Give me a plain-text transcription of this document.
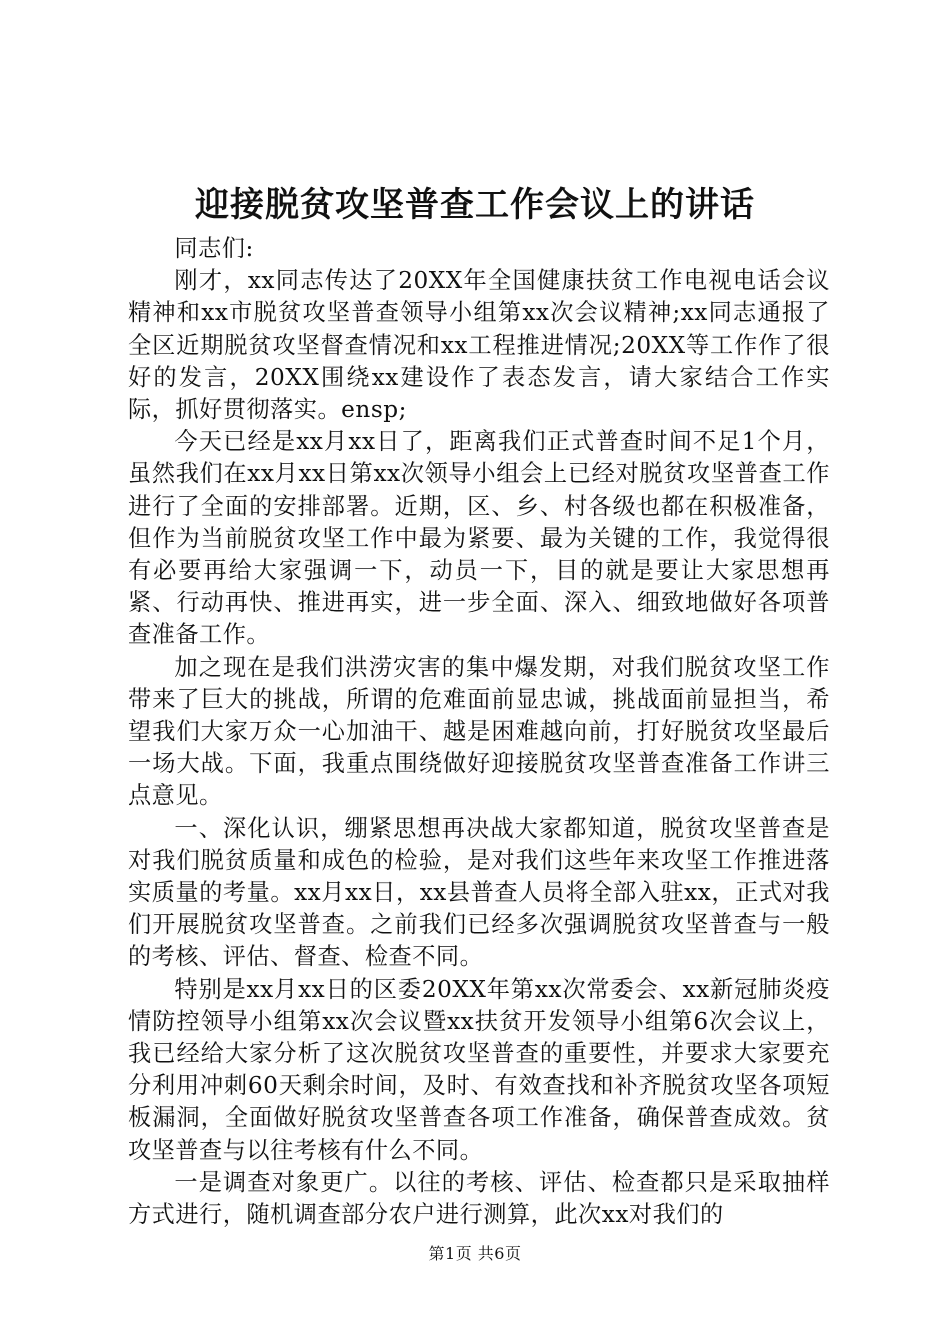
迎接脱贫攻坚普查工作会议上的讲话

同志们:

刚才，xx同志传达了20XX年全国健康扶贫工作电视电话会议精神和xx市脱贫攻坚普查领导小组第xx次会议精神;xx同志通报了全区近期脱贫攻坚督查情况和xx工程推进情况;20XX等工作作了很好的发言，20XX围绕xx建设作了表态发言，请大家结合工作实际，抓好贯彻落实。ensp;

今天已经是xx月xx日了，距离我们正式普查时间不足1个月，虽然我们在xx月xx日第xx次领导小组会上已经对脱贫攻坚普查工作进行了全面的安排部署。近期，区、乡、村各级也都在积极准备，但作为当前脱贫攻坚工作中最为紧要、最为关键的工作，我觉得很有必要再给大家强调一下，动员一下，目的就是要让大家思想再紧、行动再快、推进再实，进一步全面、深入、细致地做好各项普查准备工作。

加之现在是我们洪涝灾害的集中爆发期，对我们脱贫攻坚工作带来了巨大的挑战，所谓的危难面前显忠诚，挑战面前显担当，希望我们大家万众一心加油干、越是困难越向前，打好脱贫攻坚最后一场大战。下面，我重点围绕做好迎接脱贫攻坚普查准备工作讲三点意见。

一、深化认识，绷紧思想再决战大家都知道，脱贫攻坚普查是对我们脱贫质量和成色的检验，是对我们这些年来攻坚工作推进落实质量的考量。xx月xx日，xx县普查人员将全部入驻xx，正式对我们开展脱贫攻坚普查。之前我们已经多次强调脱贫攻坚普查与一般的考核、评估、督查、检查不同。

特别是xx月xx日的区委20XX年第xx次常委会、xx新冠肺炎疫情防控领导小组第xx次会议暨xx扶贫开发领导小组第6次会议上，我已经给大家分析了这次脱贫攻坚普查的重要性，并要求大家要充分利用冲刺60天剩余时间，及时、有效查找和补齐脱贫攻坚各项短板漏洞，全面做好脱贫攻坚普查各项工作准备，确保普查成效。贫攻坚普查与以往考核有什么不同。

一是调查对象更广。以往的考核、评估、检查都只是采取抽样方式进行，随机调查部分农户进行测算，此次xx对我们的

第1页 共6页
